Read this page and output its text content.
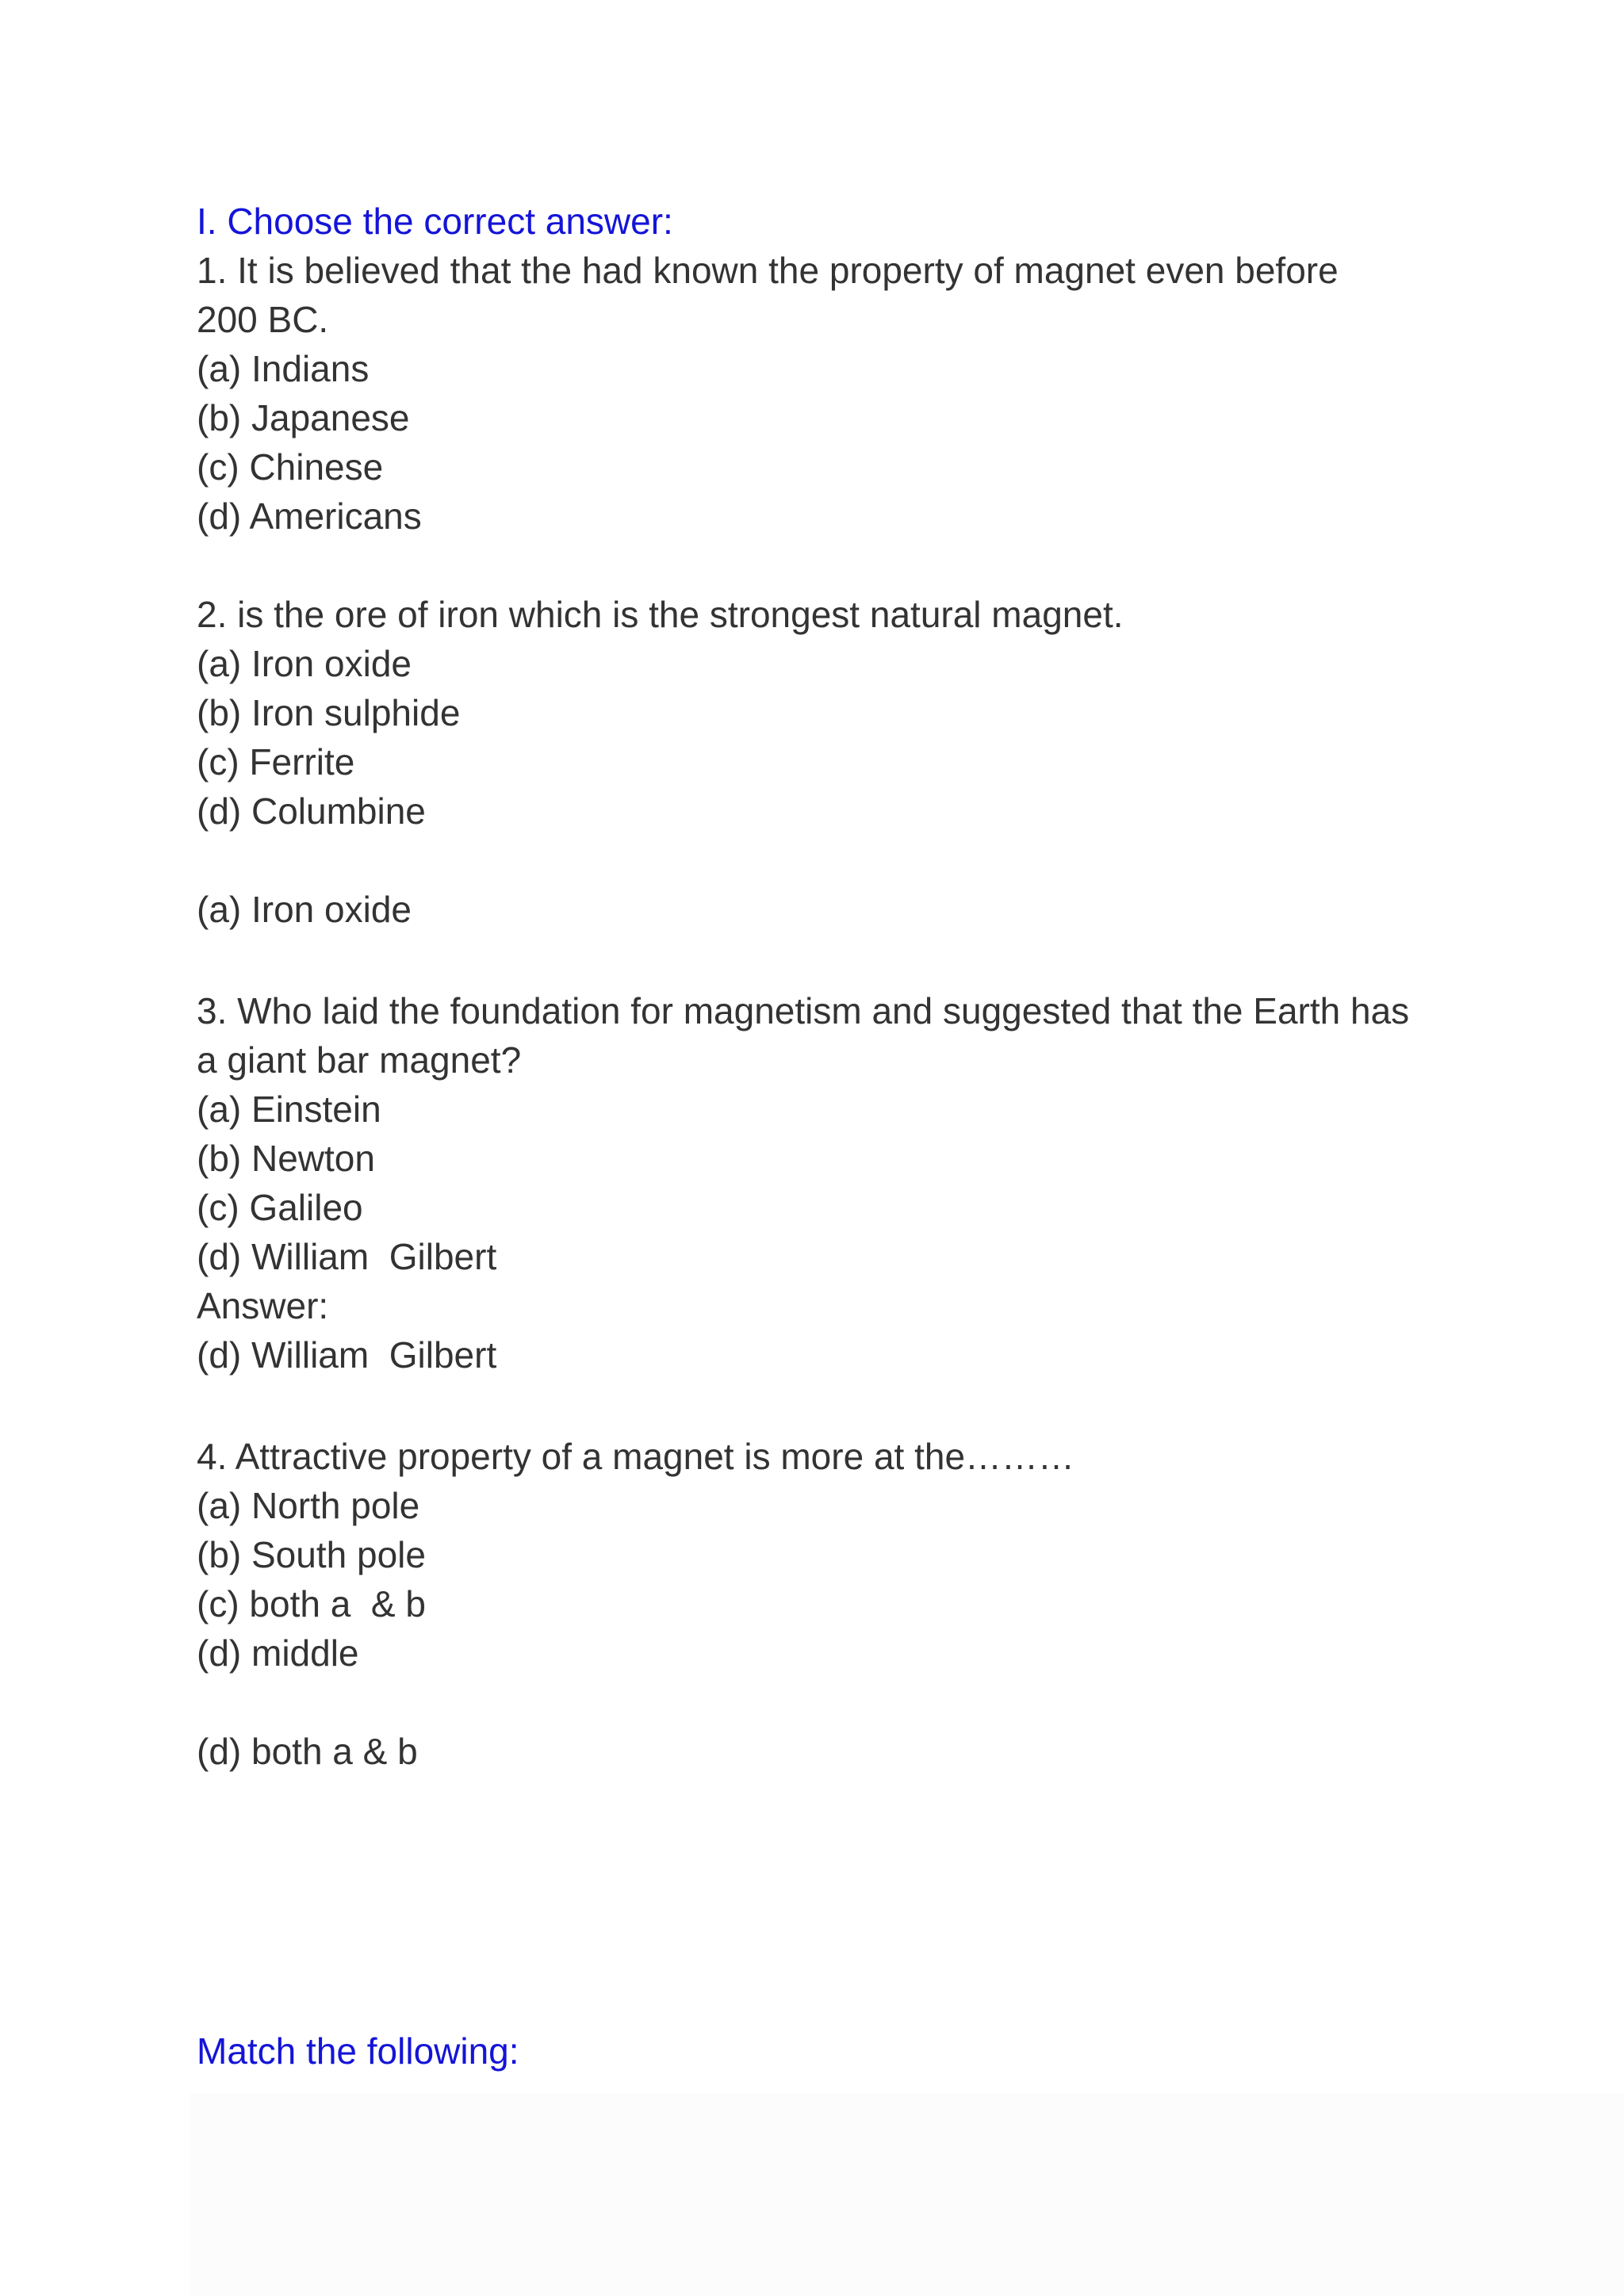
I. Choose the correct answer:
1. It is believed that the had known the property of magnet even before
200 BC.
(a) Indians
(b) Japanese
(c) Chinese
(d) Americans
2. is the ore of iron which is the strongest natural magnet.
(a) Iron oxide
(b) Iron sulphide
(c) Ferrite
(d) Columbine
(a) Iron oxide
3. Who laid the foundation for magnetism and suggested that the Earth has
a giant bar magnet?
(a) Einstein
(b) Newton
(c) Galileo
(d) William  Gilbert
Answer:
(d) William  Gilbert
4. Attractive property of a magnet is more at the………
(a) North pole
(b) South pole
(c) both a  & b
(d) middle
(d) both a & b
Match the following:
